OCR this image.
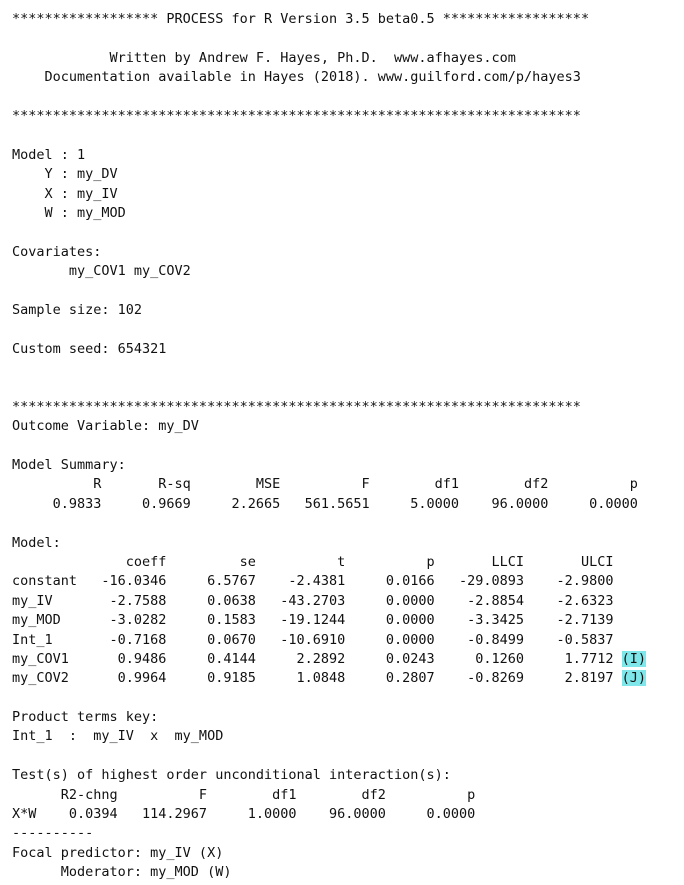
****************** PROCESS for R Version 3.5 beta0.5 ******************
Written by Andrew F. Hayes, Ph.D.  www.afhayes.com
Documentation available in Hayes (2018). www.guilford.com/p/hayes3
**********************************************************************
Model : 1
Y : my_DV
X : my_IV
W : my_MOD
Covariates:
my_COV1 my_COV2
Sample size: 102
Custom seed: 654321
**********************************************************************
Outcome Variable: my_DV
Model Summary:
R       R-sq        MSE          F        df1        df2          p
0.9833     0.9669     2.2665   561.5651     5.0000    96.0000     0.0000
Model:
coeff         se          t          p       LLCI       ULCI
constant   -16.0346     6.5767    -2.4381     0.0166   -29.0893    -2.9800
my_IV       -2.7588     0.0638   -43.2703     0.0000    -2.8854    -2.6323
my_MOD      -3.0282     0.1583   -19.1244     0.0000    -3.3425    -2.7139
Int_1       -0.7168     0.0670   -10.6910     0.0000    -0.8499    -0.5837
my_COV1      0.9486     0.4144     2.2892     0.0243     0.1260     1.7712 (I)
my_COV2      0.9964     0.9185     1.0848     0.2807    -0.8269     2.8197 (J)
Product terms key:
Int_1  :  my_IV  x  my_MOD
Test(s) of highest order unconditional interaction(s):
R2-chng          F        df1        df2          p
X*W    0.0394   114.2967     1.0000    96.0000     0.0000
----------
Focal predictor: my_IV (X)
Moderator: my_MOD (W)
